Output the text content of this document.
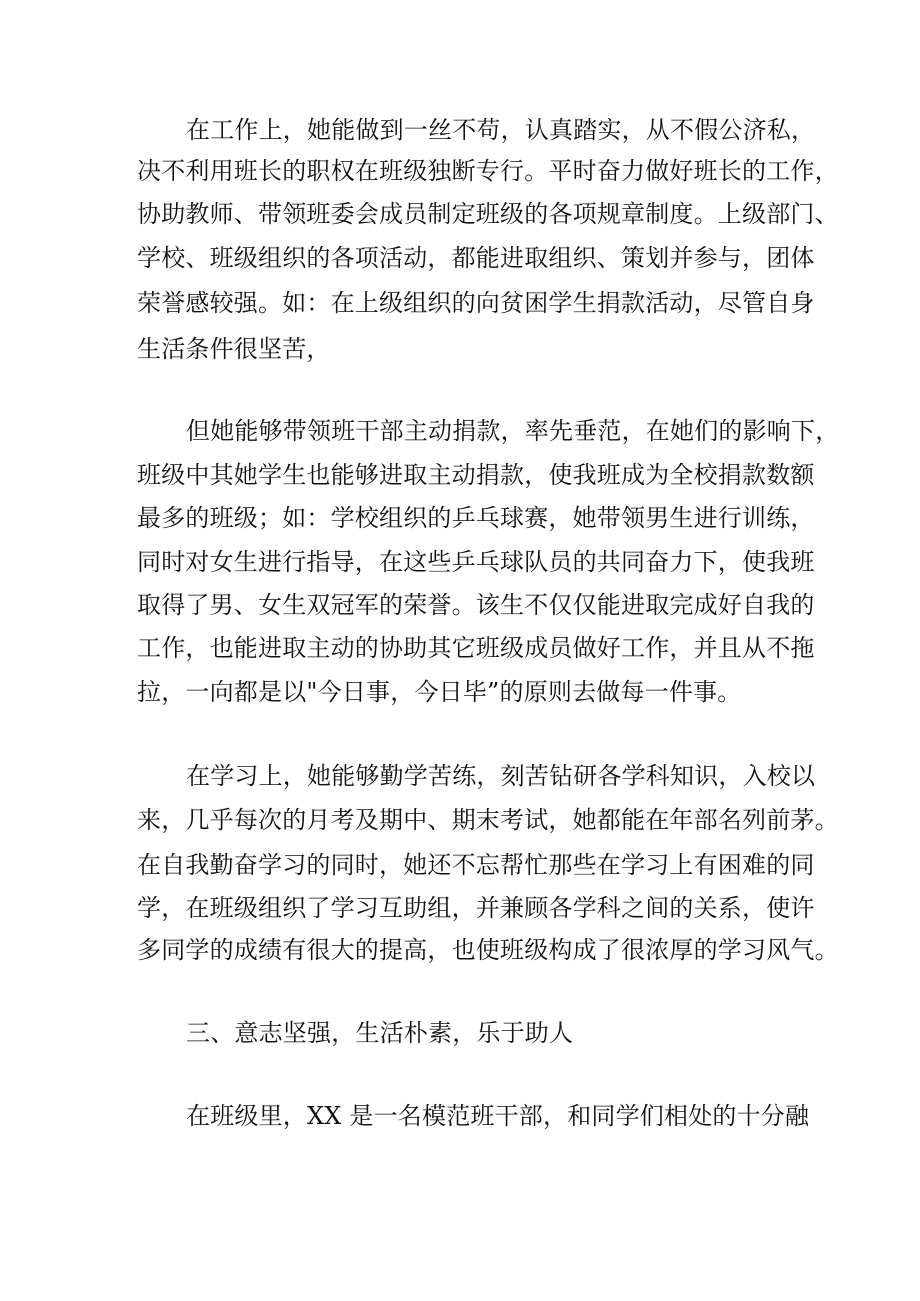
在工作上，她能做到一丝不苟，认真踏实，从不假公济私，
决不利用班长的职权在班级独断专行。平时奋力做好班长的工作，
协助教师、带领班委会成员制定班级的各项规章制度。上级部门、
学校、班级组织的各项活动，都能进取组织、策划并参与，团体
荣誉感较强。如：在上级组织的向贫困学生捐款活动，尽管自身
生活条件很坚苦，
但她能够带领班干部主动捐款，率先垂范，在她们的影响下，
班级中其她学生也能够进取主动捐款，使我班成为全校捐款数额
最多的班级；如：学校组织的乒乓球赛，她带领男生进行训练，
同时对女生进行指导，在这些乒乓球队员的共同奋力下，使我班
取得了男、女生双冠军的荣誉。该生不仅仅能进取完成好自我的
工作，也能进取主动的协助其它班级成员做好工作，并且从不拖
拉，一向都是以"今日事，今日毕”的原则去做每一件事。
在学习上，她能够勤学苦练，刻苦钻研各学科知识，入校以
来，几乎每次的月考及期中、期末考试，她都能在年部名列前茅。
在自我勤奋学习的同时，她还不忘帮忙那些在学习上有困难的同
学，在班级组织了学习互助组，并兼顾各学科之间的关系，使许
多同学的成绩有很大的提高，也使班级构成了很浓厚的学习风气。
三、意志坚强，生活朴素，乐于助人
在班级里，XX 是一名模范班干部，和同学们相处的十分融
